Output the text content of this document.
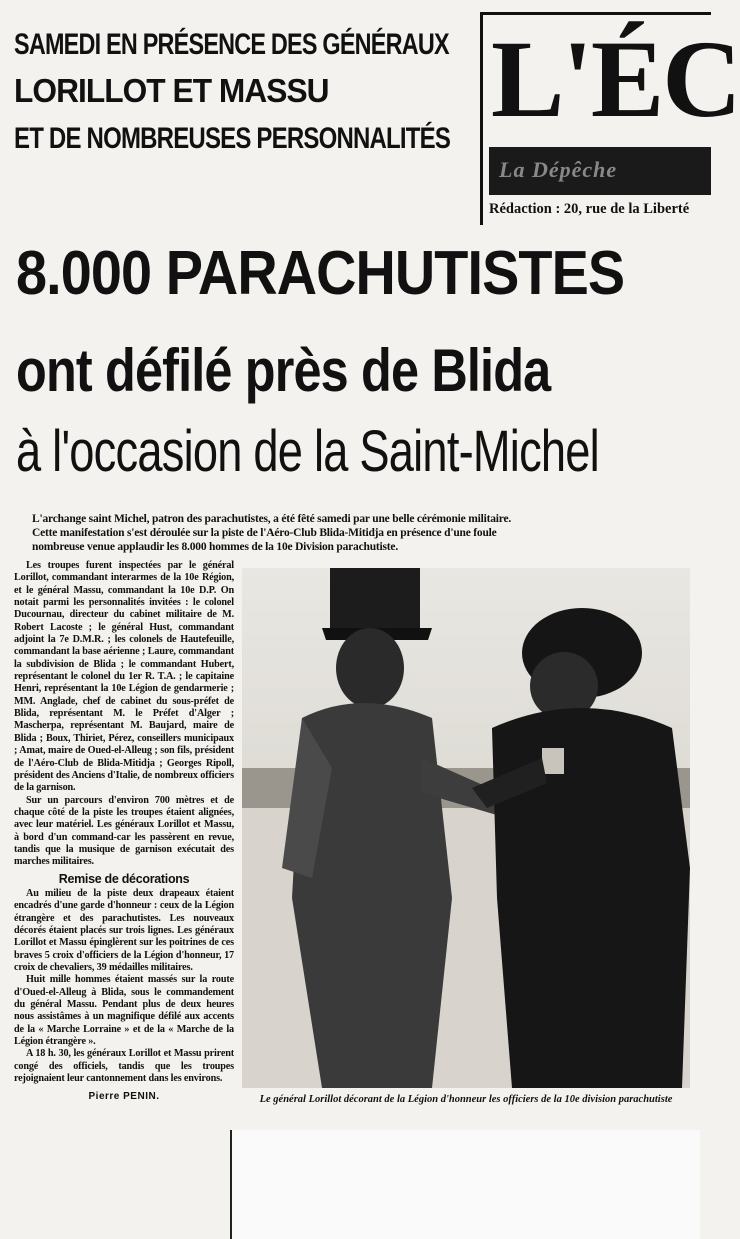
SAMEDI EN PRÉSENCE DES GÉNÉRAUX
LORILLOT ET MASSU
ET DE NOMBREUSES PERSONNALITÉS L'ÉC
La Dépêche
Rédaction : 20, rue de la Liberté
8.000 PARACHUTISTES
ont défilé près de Blida
à l'occasion de la Saint-Michel
L'archange saint Michel, patron des parachutistes, a été fêté samedi par une belle cérémonie militaire.
Cette manifestation s'est déroulée sur la piste de l'Aéro-Club Blida-Mitidja en présence d'une foule
nombreuse venue applaudir les 8.000 hommes de la 10e Division parachutiste.

Les troupes furent inspectées par le général Lorillot, commandant interarmes de la 10e Région, et le général Massu, commandant la 10e D.P. On notait parmi les personnalités invitées : le colonel Ducournau, directeur du cabinet militaire de M. Robert Lacoste ; le général Hust, commandant adjoint la 7e D.M.R. ; les colonels de Hautefeuille, commandant la base aérienne ; Laure, commandant la subdivision de Blida ; le commandant Hubert, représentant le colonel du 1er R. T.A. ; le capitaine Henri, représentant la 10e Légion de gendarmerie ; MM. Anglade, chef de cabinet du sous-préfet de Blida, représentant M. le Préfet d'Alger ; Mascherpa, représentant M. Baujard, maire de Blida ; Boux, Thiriet, Pérez, conseillers municipaux ; Amat, maire de Oued-el-Alleug ; son fils, président de l'Aéro-Club de Blida-Mitidja ; Georges Ripoll, président des Anciens d'Italie, de nombreux officiers de la garnison.

Sur un parcours d'environ 700 mètres et de chaque côté de la piste les troupes étaient alignées, avec leur matériel. Les généraux Lorillot et Massu, à bord d'un command-car les passèrent en revue, tandis que la musique de garnison exécutait des marches militaires.

Remise de décorations

Au milieu de la piste deux drapeaux étaient encadrés d'une garde d'honneur : ceux de la Légion étrangère et des parachutistes. Les nouveaux décorés étaient placés sur trois lignes. Les généraux Lorillot et Massu épinglèrent sur les poitrines de ces braves 5 croix d'officiers de la Légion d'honneur, 17 croix de chevaliers, 39 médailles militaires.

Huit mille hommes étaient massés sur la route d'Oued-el-Alleug à Blida, sous le commandement du général Massu. Pendant plus de deux heures nous assistâmes à un magnifique défilé aux accents de la « Marche Lorraine » et de la « Marche de la Légion étrangère ».

A 18 h. 30, les généraux Lorillot et Massu prirent congé des officiels, tandis que les troupes rejoignaient leur cantonnement dans les environs.

Pierre PENIN.	Le général Lorillot décorant de la Légion d'honneur les officiers de la 10e division parachutiste
